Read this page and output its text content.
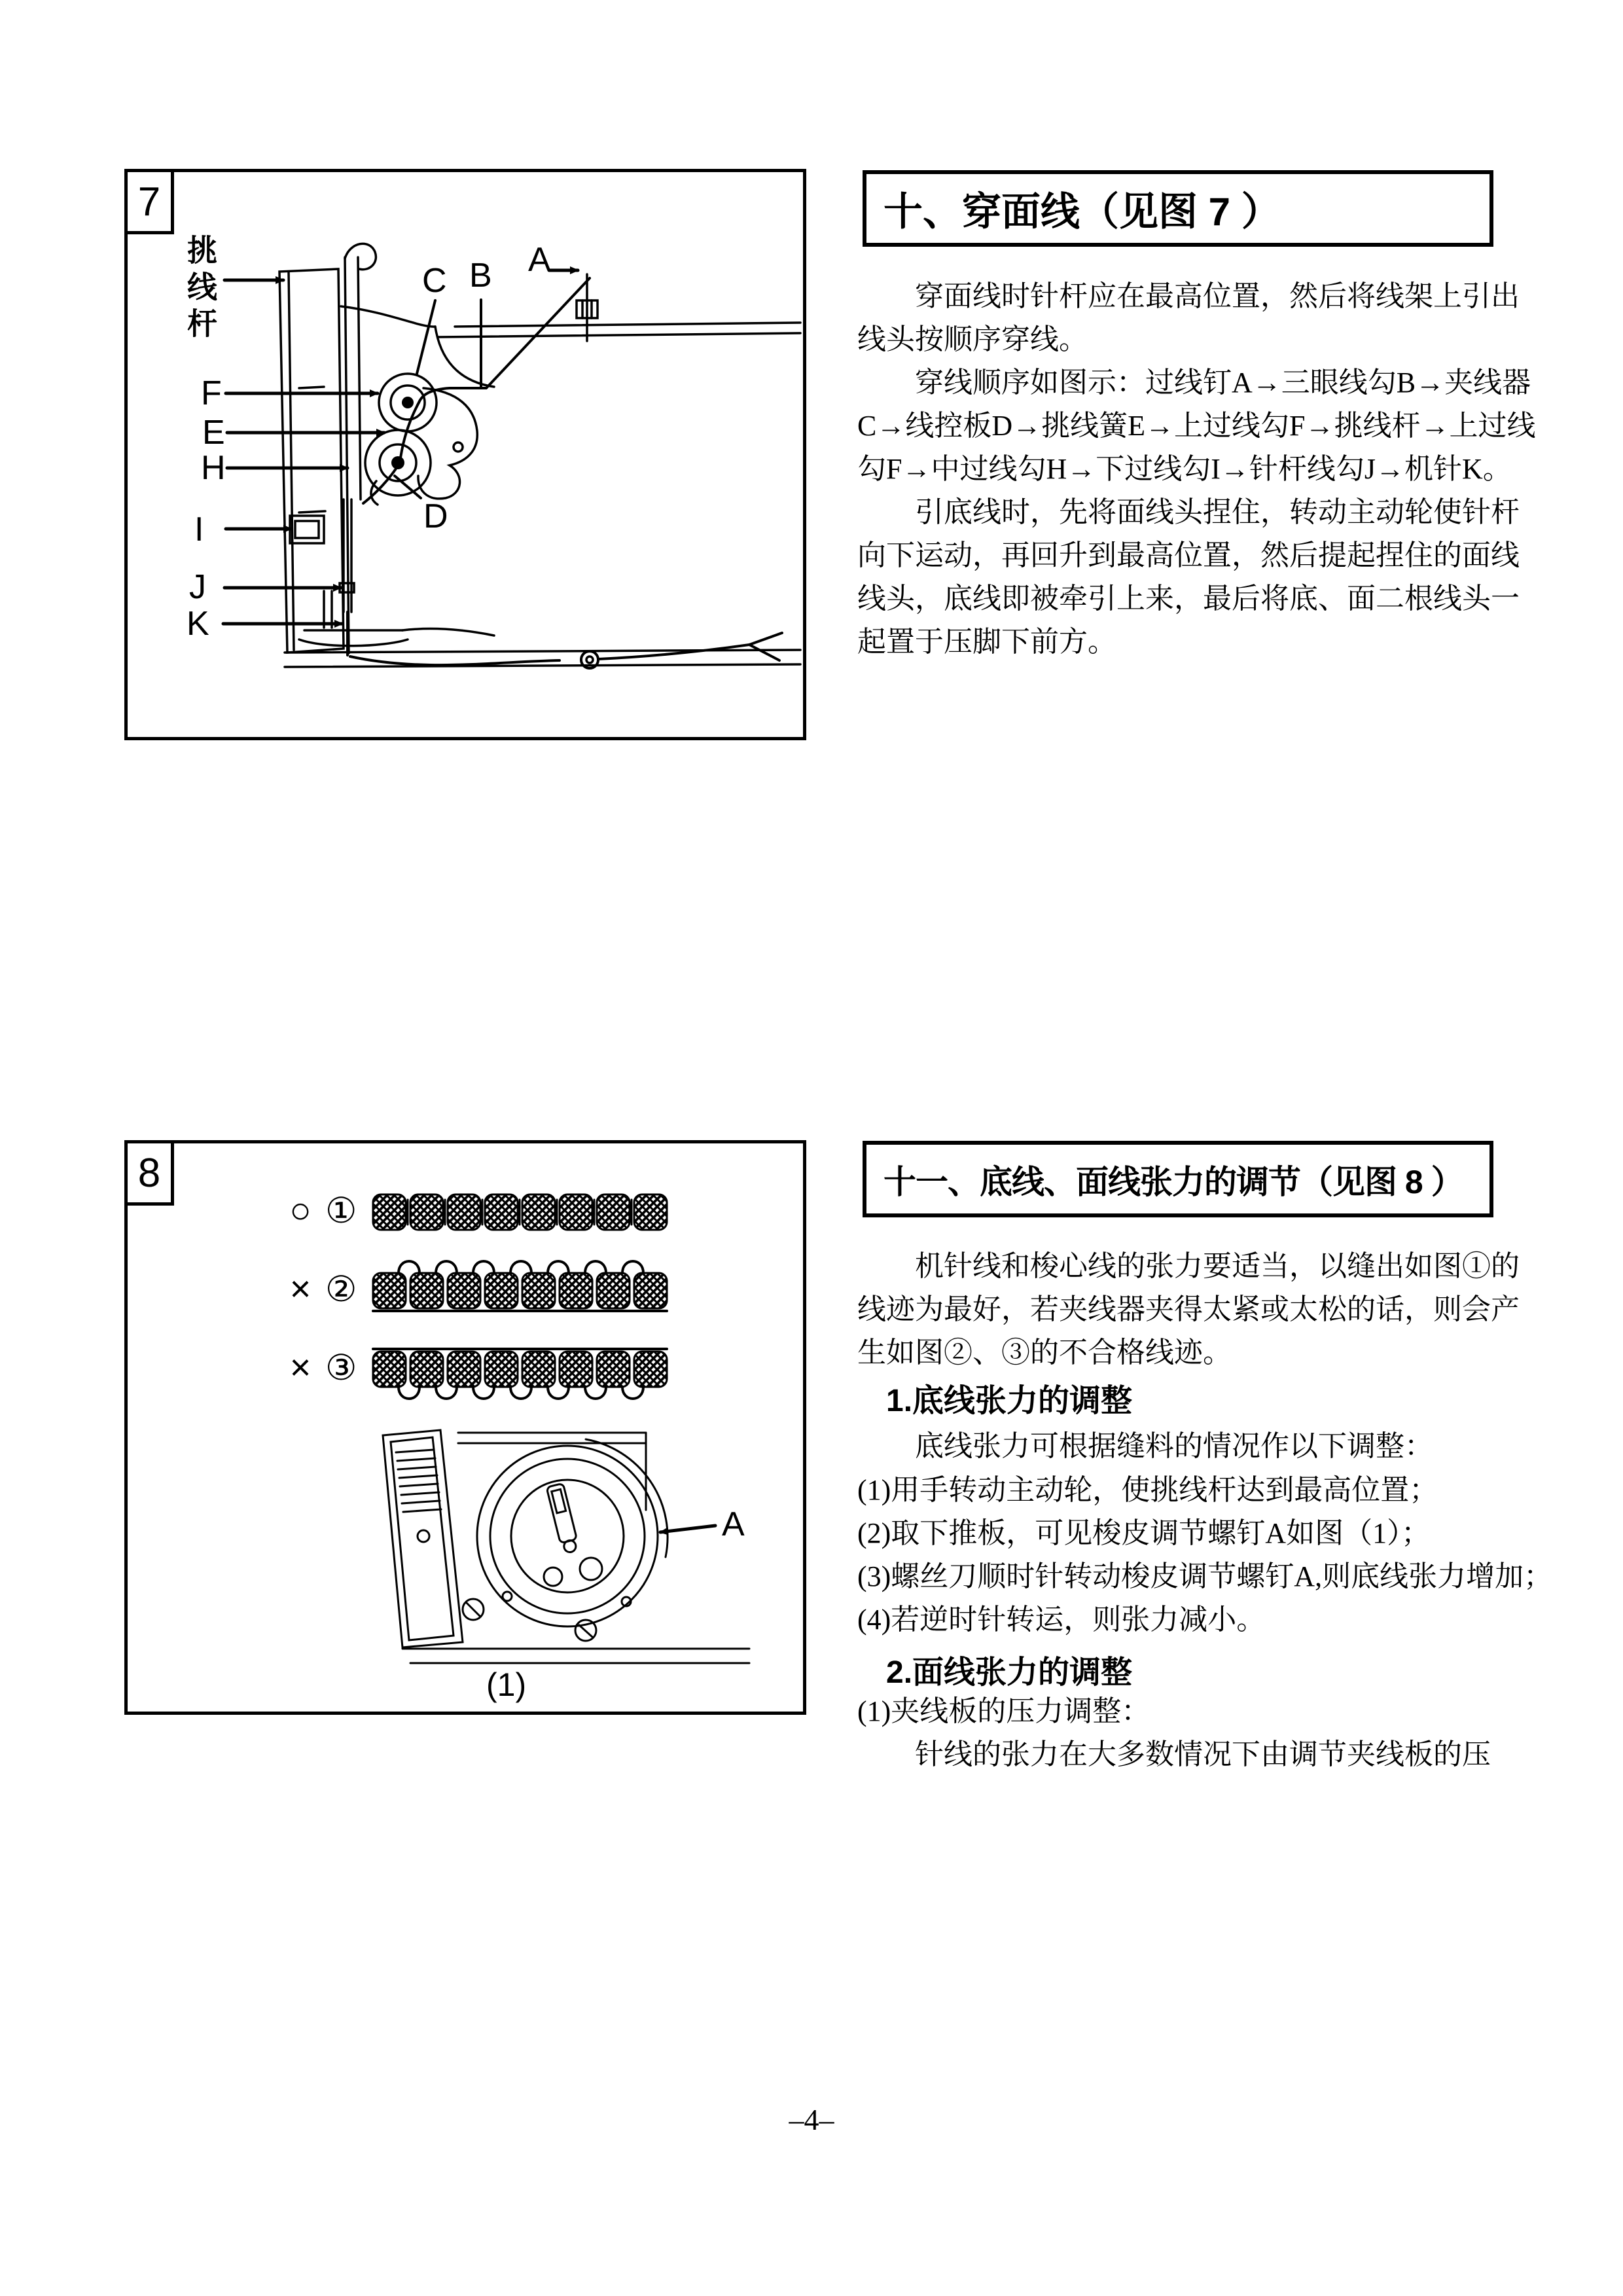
7
挑线杆	A
B
C
D
F
E
H
I
J
K
十、穿面线（见图 7 ）
穿面线时针杆应在最高位置，然后将线架上引出
线头按顺序穿线。
穿线顺序如图示：过线钉A→三眼线勾B→夹线器
C→线控板D→挑线簧E→上过线勾F→挑线杆→上过线
勾F→中过线勾H→下过线勾I→针杆线勾J→机针K。
引底线时，先将面线头捏住，转动主动轮使针杆
向下运动，再回升到最高位置，然后提起捏住的面线
线头，底线即被牵引上来，最后将底、面二根线头一
起置于压脚下前方。
8
○ ①
× ②
× ③
A
(1)
十一、底线、面线张力的调节（见图 8 ）
机针线和梭心线的张力要适当，以缝出如图①的
线迹为最好，若夹线器夹得太紧或太松的话，则会产
生如图②、③的不合格线迹。
1.底线张力的调整
底线张力可根据缝料的情况作以下调整：
(1)用手转动主动轮，使挑线杆达到最高位置；
(2)取下推板，可见梭皮调节螺钉A如图（1）；
(3)螺丝刀顺时针转动梭皮调节螺钉A,则底线张力增加；
(4)若逆时针转运，则张力减小。
2.面线张力的调整
(1)夹线板的压力调整：
针线的张力在大多数情况下由调节夹线板的压
–4–
